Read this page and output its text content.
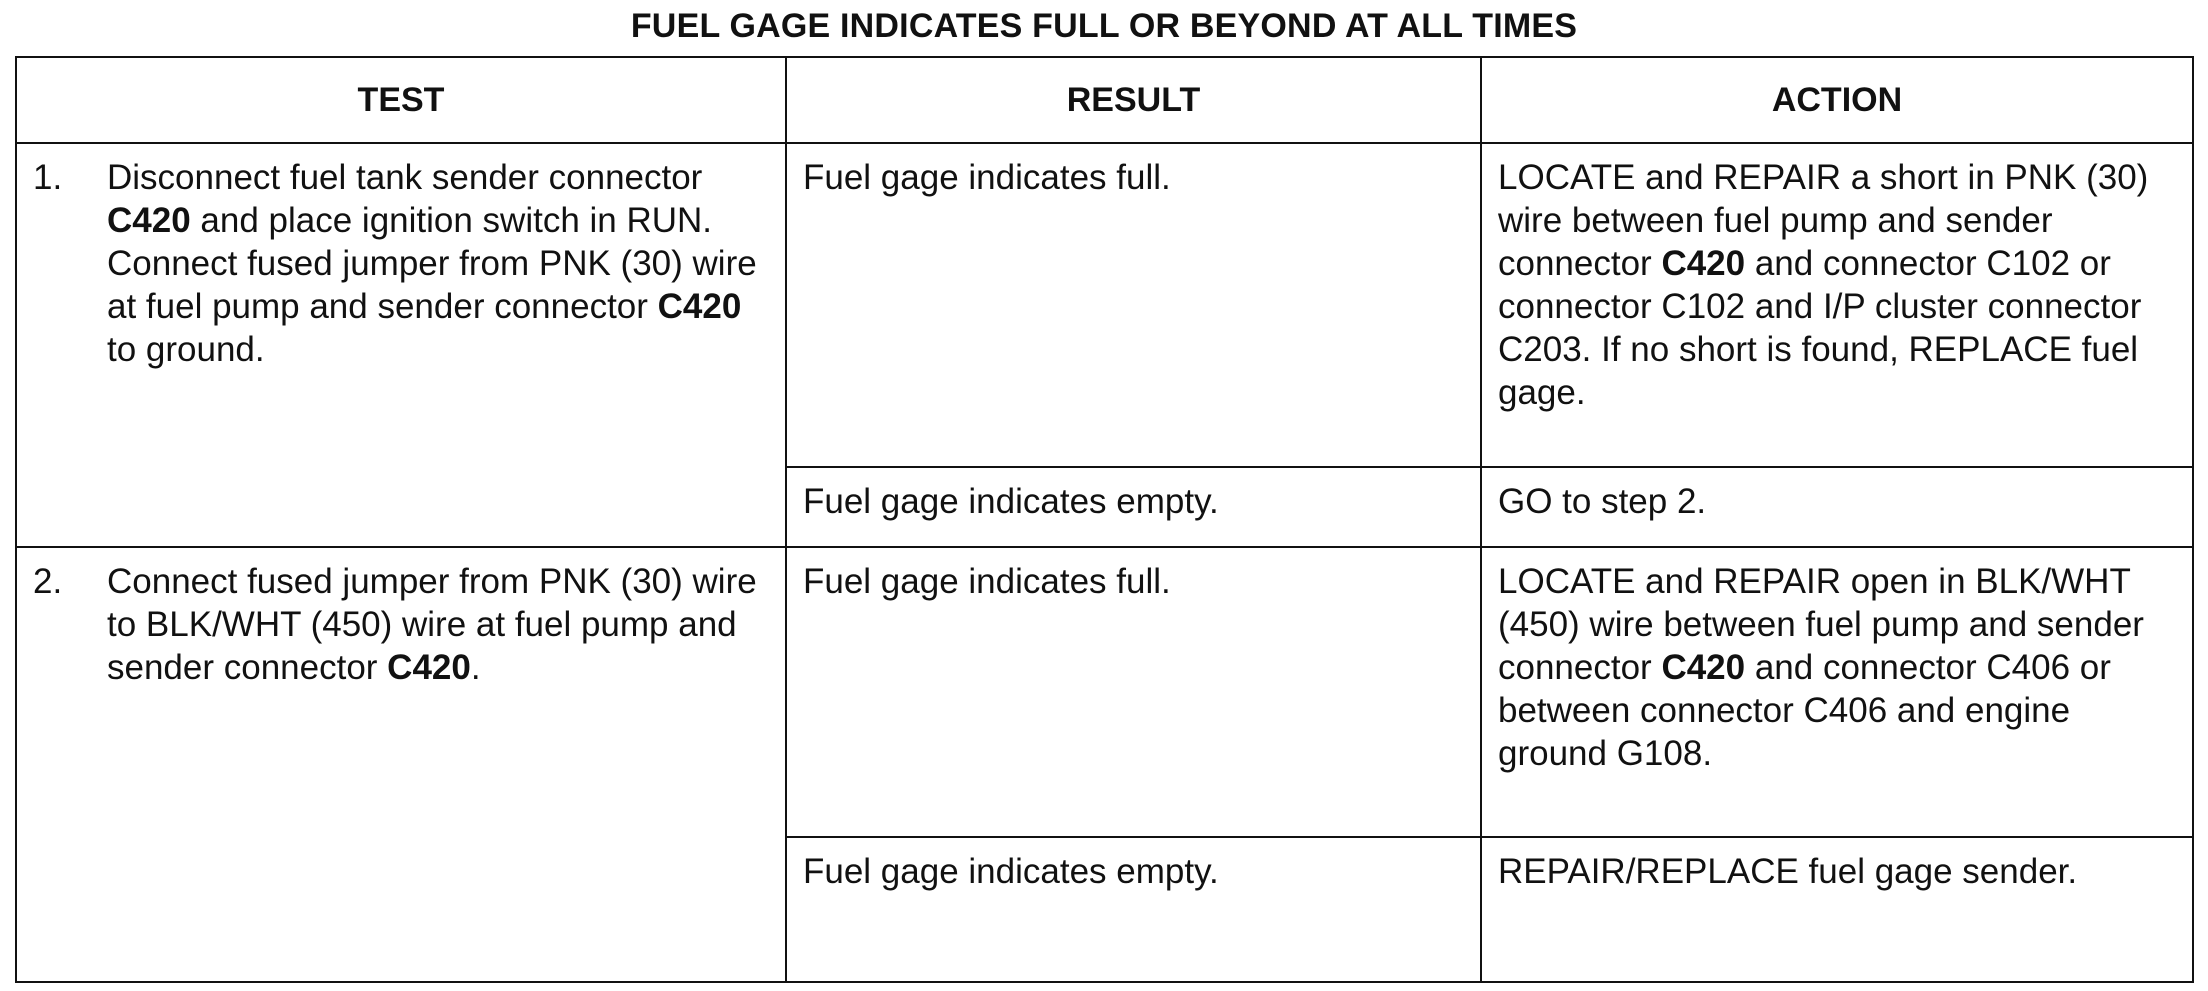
FUEL GAGE INDICATES FULL OR BEYOND AT ALL TIMES
TEST	RESULT	ACTION

1. Disconnect fuel tank sender connector C420 and place ignition switch in RUN. Connect fused jumper from PNK (30) wire at fuel pump and sender connector C420 to ground.	Fuel gage indicates full.	LOCATE and REPAIR a short in PNK (30) wire between fuel pump and sender connector C420 and connector C102 or connector C102 and I/P cluster connector C203. If no short is found, REPLACE fuel gage.
	Fuel gage indicates empty.	GO to step 2.

2. Connect fused jumper from PNK (30) wire to BLK/WHT (450) wire at fuel pump and sender connector C420.	Fuel gage indicates full.	LOCATE and REPAIR open in BLK/WHT (450) wire between fuel pump and sender connector C420 and connector C406 or between connector C406 and engine ground G108.
	Fuel gage indicates empty.	REPAIR/REPLACE fuel gage sender.
